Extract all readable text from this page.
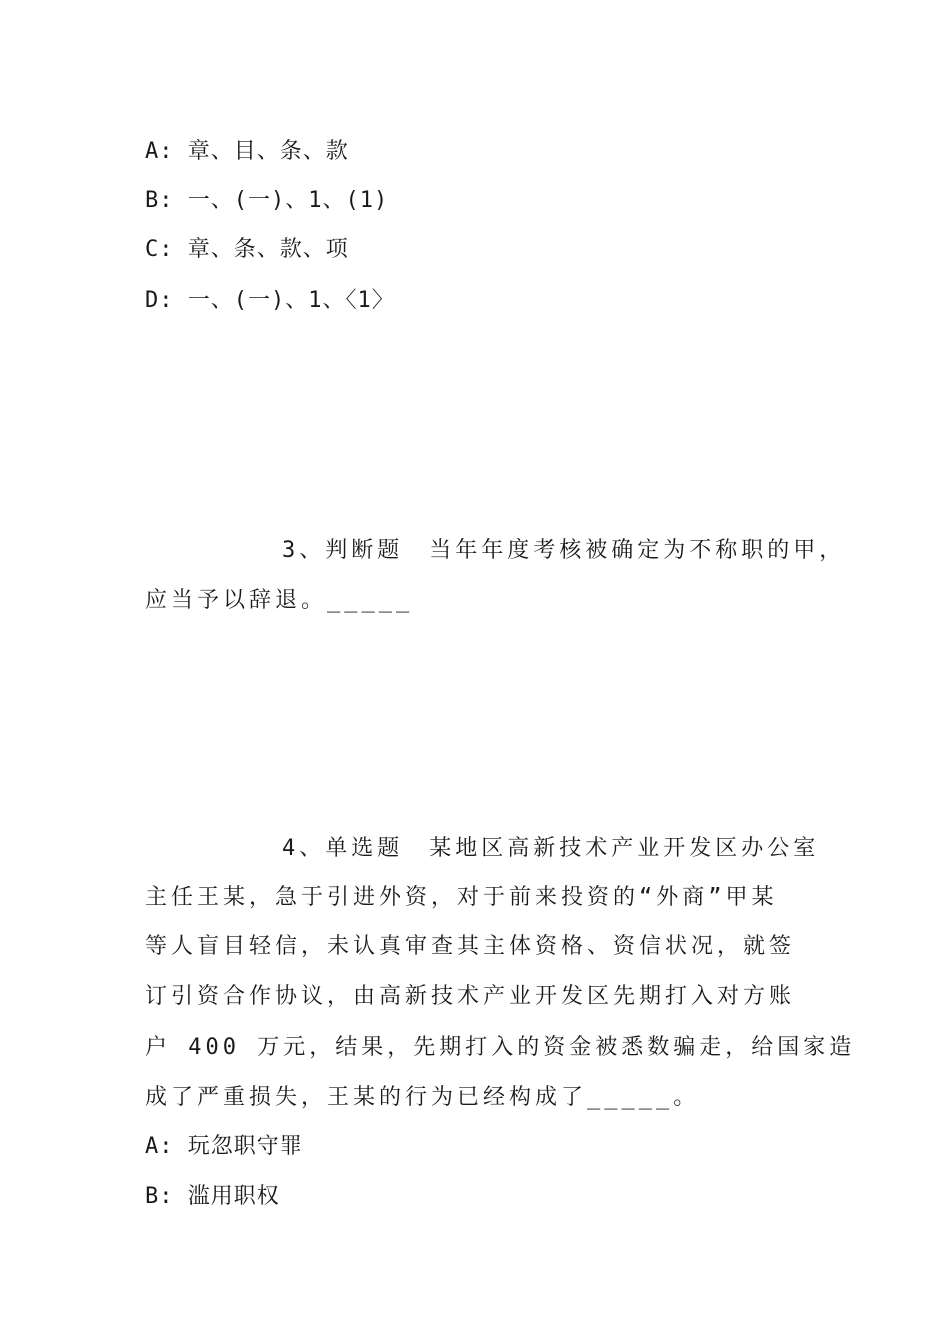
A: 章、目、条、款
B: 一、(一)、1、(1)
C: 章、条、款、项
D: 一、(一)、1、〈1〉
3、判断题　当年年度考核被确定为不称职的甲，
应当予以辞退。_____
4、单选题　某地区高新技术产业开发区办公室
主任王某，急于引进外资，对于前来投资的“外商”甲某
等人盲目轻信，未认真审查其主体资格、资信状况，就签
订引资合作协议，由高新技术产业开发区先期打入对方账
户 400 万元，结果，先期打入的资金被悉数骗走，给国家造
成了严重损失，王某的行为已经构成了_____。
A: 玩忽职守罪
B: 滥用职权
